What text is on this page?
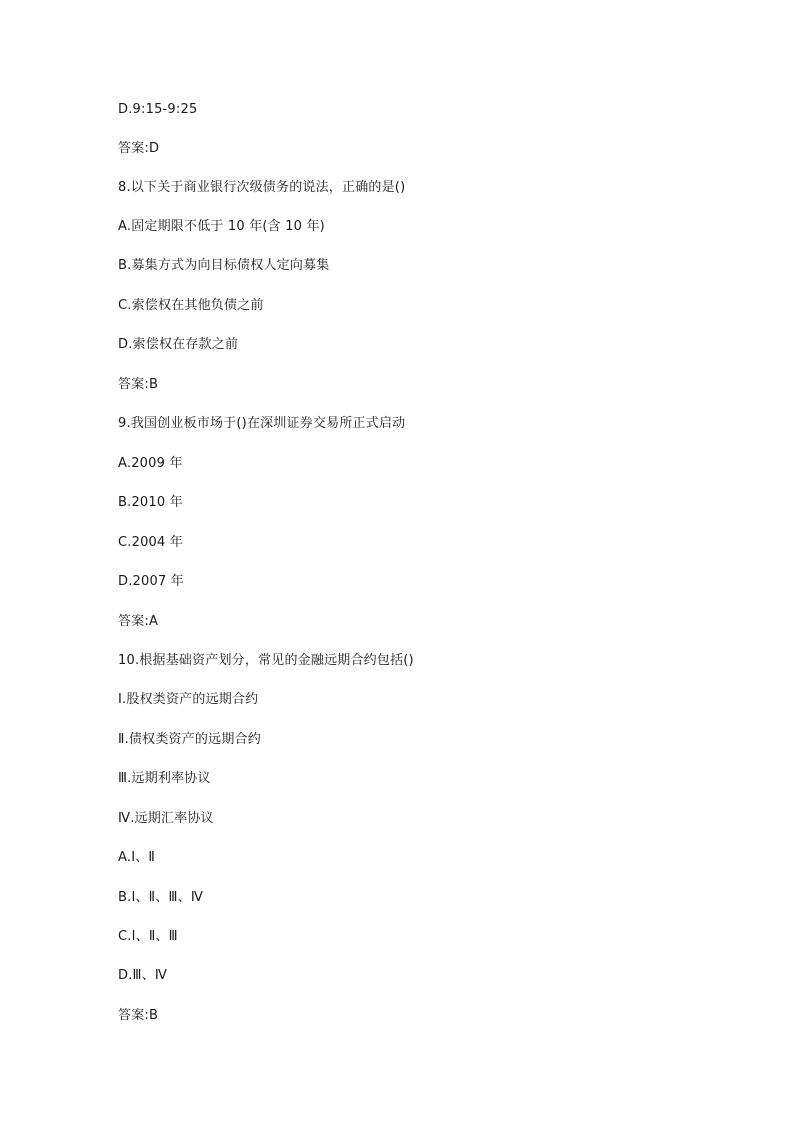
D.9:15-9:25
答案:D
8.以下关于商业银行次级债务的说法，正确的是()
A.固定期限不低于 10 年(含 10 年)
B.募集方式为向目标债权人定向募集
C.索偿权在其他负债之前
D.索偿权在存款之前
答案:B
9.我国创业板市场于()在深圳证券交易所正式启动
A.2009 年
B.2010 年
C.2004 年
D.2007 年
答案:A
10.根据基础资产划分，常见的金融远期合约包括()
Ⅰ.股权类资产的远期合约
Ⅱ.债权类资产的远期合约
Ⅲ.远期利率协议
Ⅳ.远期汇率协议
A.Ⅰ、Ⅱ
B.Ⅰ、Ⅱ、Ⅲ、Ⅳ
C.Ⅰ、Ⅱ、Ⅲ
D.Ⅲ、Ⅳ
答案:B
